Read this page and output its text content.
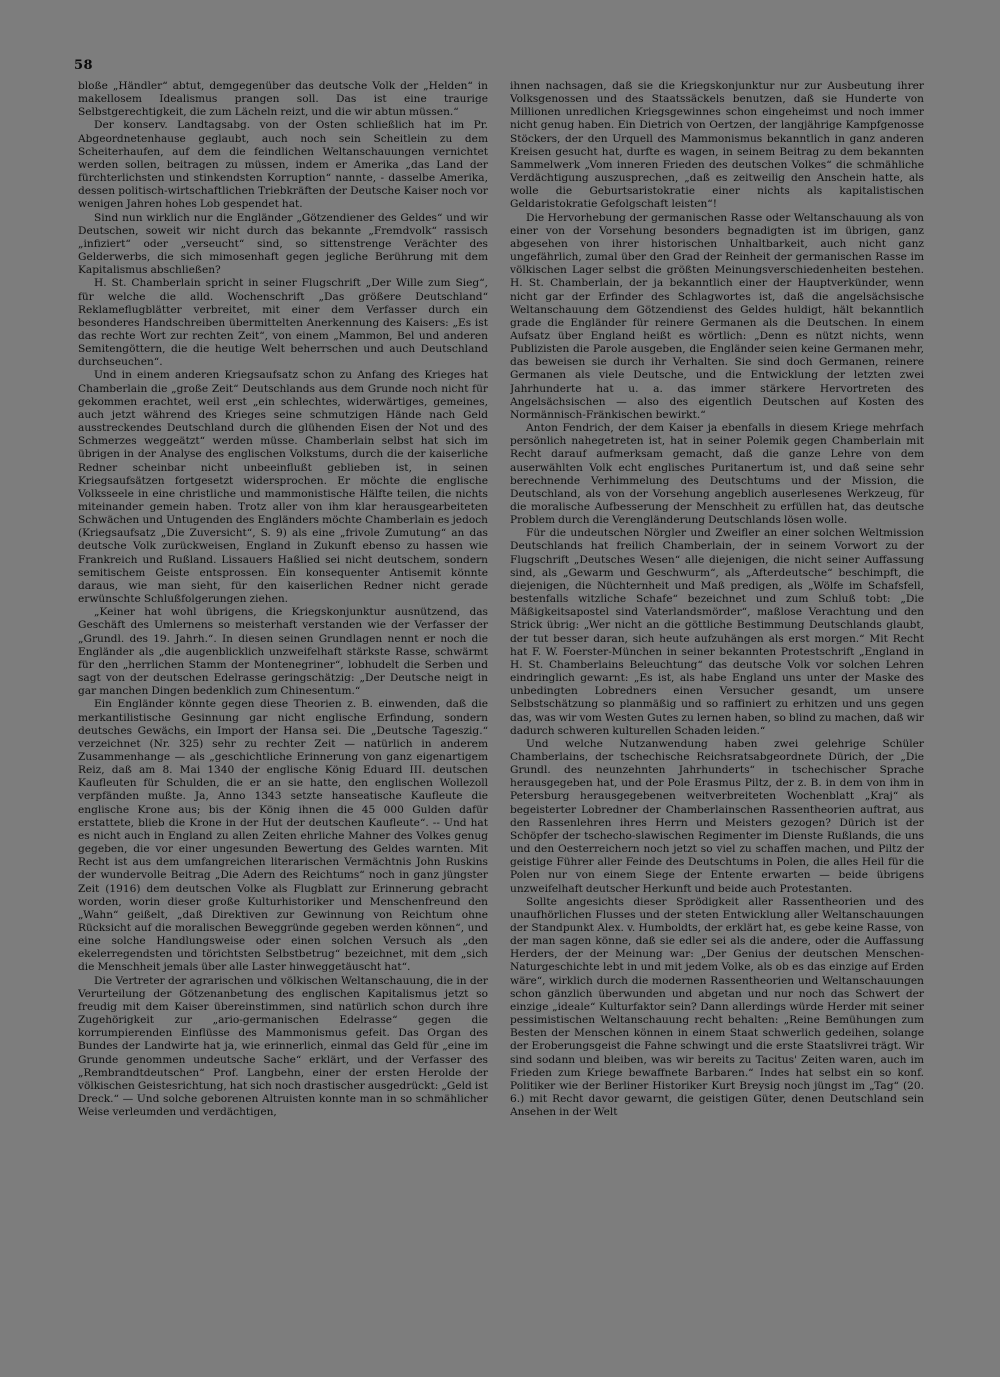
58

bloße „Händler“ abtut, demgegenüber das deutsche Volk der „Helden“ in makellosem Idealismus prangen soll. Das ist eine traurige Selbstgerechtigkeit, die zum Lächeln reizt, und die wir abtun müssen.“

Der konserv. Landtagsabg. von der Osten schließlich hat im Pr. Abgeordnetenhause geglaubt, auch noch sein Scheitlein zu dem Scheiterhaufen, auf dem die feindlichen Weltanschauungen vernichtet werden sollen, beitragen zu müssen, indem er Amerika „das Land der fürchterlichsten und stinkendsten Korruption“ nannte, - dasselbe Amerika, dessen politisch-wirtschaftlichen Triebkräften der Deutsche Kaiser noch vor wenigen Jahren hohes Lob gespendet hat.

Sind nun wirklich nur die Engländer „Götzendiener des Geldes“ und wir Deutschen, soweit wir nicht durch das bekannte „Fremdvolk“ rassisch „infiziert“ oder „verseucht“ sind, so sittenstrenge Verächter des Gelderwerbs, die sich mimosenhaft gegen jegliche Berührung mit dem Kapitalismus abschließen?

H. St. Chamberlain spricht in seiner Flugschrift „Der Wille zum Sieg“, für welche die alld. Wochenschrift „Das größere Deutschland“ Reklameflugblätter verbreitet, mit einer dem Verfasser durch ein besonderes Handschreiben übermittelten Anerkennung des Kaisers: „Es ist das rechte Wort zur rechten Zeit“, von einem „Mammon, Bel und anderen Semitengöttern, die die heutige Welt beherrschen und auch Deutschland durchseuchen“.

Und in einem anderen Kriegsaufsatz schon zu Anfang des Krieges hat Chamberlain die „große Zeit“ Deutschlands aus dem Grunde noch nicht für gekommen erachtet, weil erst „ein schlechtes, widerwärtiges, gemeines, auch jetzt während des Krieges seine schmutzigen Hände nach Geld ausstreckendes Deutschland durch die glühenden Eisen der Not und des Schmerzes weggeätzt“ werden müsse. Chamberlain selbst hat sich im übrigen in der Analyse des englischen Volkstums, durch die der kaiserliche Redner scheinbar nicht unbeeinflußt geblieben ist, in seinen Kriegsaufsätzen fortgesetzt widersprochen. Er möchte die englische Volksseele in eine christliche und mammonistische Hälfte teilen, die nichts miteinander gemein haben. Trotz aller von ihm klar herausgearbeiteten Schwächen und Untugenden des Engländers möchte Chamberlain es jedoch (Kriegsaufsatz „Die Zuversicht“, S. 9) als eine „frivole Zumutung“ an das deutsche Volk zurückweisen, England in Zukunft ebenso zu hassen wie Frankreich und Rußland. Lissauers Haßlied sei nicht deutschem, sondern semitischem Geiste entsprossen. Ein konsequenter Antisemit könnte daraus, wie man sieht, für den kaiserlichen Redner nicht gerade erwünschte Schlußfolgerungen ziehen.

„Keiner hat wohl übrigens, die Kriegskonjunktur ausnützend, das Geschäft des Umlernens so meisterhaft verstanden wie der Verfasser der „Grundl. des 19. Jahrh.“. In diesen seinen Grundlagen nennt er noch die Engländer als „die augenblicklich unzweifelhaft stärkste Rasse, schwärmt für den „herrlichen Stamm der Montenegriner“, lobhudelt die Serben und sagt von der deutschen Edelrasse geringschätzig: „Der Deutsche neigt in gar manchen Dingen bedenklich zum Chinesentum.“

Ein Engländer könnte gegen diese Theorien z. B. einwenden, daß die merkantilistische Gesinnung gar nicht englische Erfindung, sondern deutsches Gewächs, ein Import der Hansa sei. Die „Deutsche Tageszig.“ verzeichnet (Nr. 325) sehr zu rechter Zeit — natürlich in anderem Zusammenhange — als „geschichtliche Erinnerung von ganz eigenartigem Reiz, daß am 8. Mai 1340 der englische König Eduard III. deutschen Kaufleuten für Schulden, die er an sie hatte, den englischen Wollezoll verpfänden mußte. Ja, Anno 1343 setzte hanseatische Kaufleute die englische Krone aus; bis der König ihnen die 45 000 Gulden dafür erstattete, blieb die Krone in der Hut der deutschen Kaufleute“. -- Und hat es nicht auch in England zu allen Zeiten ehrliche Mahner des Volkes genug gegeben, die vor einer ungesunden Bewertung des Geldes warnten. Mit Recht ist aus dem umfangreichen literarischen Vermächtnis John Ruskins der wundervolle Beitrag „Die Adern des Reichtums“ noch in ganz jüngster Zeit (1916) dem deutschen Volke als Flugblatt zur Erinnerung gebracht worden, worin dieser große Kulturhistoriker und Menschenfreund den „Wahn“ geißelt, „daß Direktiven zur Gewinnung von Reichtum ohne Rücksicht auf die moralischen Beweggründe gegeben werden können“, und eine solche Handlungsweise oder einen solchen Versuch als „den ekelerregendsten und törichtsten Selbstbetrug“ bezeichnet, mit dem „sich die Menschheit jemals über alle Laster hinweggetäuscht hat“.

Die Vertreter der agrarischen und völkischen Weltanschauung, die in der Verurteilung der Götzenanbetung des englischen Kapitalismus jetzt so freudig mit dem Kaiser übereinstimmen, sind natürlich schon durch ihre Zugehörigkeit zur „ario-germanischen Edelrasse“ gegen die korrumpierenden Einflüsse des Mammonismus gefeit. Das Organ des Bundes der Landwirte hat ja, wie erinnerlich, einmal das Geld für „eine im Grunde genommen undeutsche Sache“ erklärt, und der Verfasser des „Rembrandtdeutschen“ Prof. Langbehn, einer der ersten Herolde der völkischen Geistesrichtung, hat sich noch drastischer ausgedrückt: „Geld ist Dreck.“ — Und solche geborenen Altruisten konnte man in so schmählicher Weise verleumden und verdächtigen,

ihnen nachsagen, daß sie die Kriegskonjunktur nur zur Ausbeutung ihrer Volksgenossen und des Staatssäckels benutzen, daß sie Hunderte von Millionen unredlichen Kriegsgewinnes schon eingeheimst und noch immer nicht genug haben. Ein Dietrich von Oertzen, der langjährige Kampfgenosse Stöckers, der den Urquell des Mammonismus bekanntlich in ganz anderen Kreisen gesucht hat, durfte es wagen, in seinem Beitrag zu dem bekannten Sammelwerk „Vom inneren Frieden des deutschen Volkes“ die schmähliche Verdächtigung auszusprechen, „daß es zeitweilig den Anschein hatte, als wolle die Geburtsaristokratie einer nichts als kapitalistischen Geldaristokratie Gefolgschaft leisten“!

Die Hervorhebung der germanischen Rasse oder Weltanschauung als von einer von der Vorsehung besonders begnadigten ist im übrigen, ganz abgesehen von ihrer historischen Unhaltbarkeit, auch nicht ganz ungefährlich, zumal über den Grad der Reinheit der germanischen Rasse im völkischen Lager selbst die größten Meinungsverschiedenheiten bestehen. H. St. Chamberlain, der ja bekanntlich einer der Hauptverkünder, wenn nicht gar der Erfinder des Schlagwortes ist, daß die angelsächsische Weltanschauung dem Götzendienst des Geldes huldigt, hält bekanntlich grade die Engländer für reinere Germanen als die Deutschen. In einem Aufsatz über England heißt es wörtlich: „Denn es nützt nichts, wenn Publizisten die Parole ausgeben, die Engländer seien keine Germanen mehr, das beweisen sie durch ihr Verhalten. Sie sind doch Germanen, reinere Germanen als viele Deutsche, und die Entwicklung der letzten zwei Jahrhunderte hat u. a. das immer stärkere Hervortreten des Angelsächsischen — also des eigentlich Deutschen auf Kosten des Normännisch-Fränkischen bewirkt.“

Anton Fendrich, der dem Kaiser ja ebenfalls in diesem Kriege mehrfach persönlich nahegetreten ist, hat in seiner Polemik gegen Chamberlain mit Recht darauf aufmerksam gemacht, daß die ganze Lehre von dem auserwählten Volk echt englisches Puritanertum ist, und daß seine sehr berechnende Verhimmelung des Deutschtums und der Mission, die Deutschland, als von der Vorsehung angeblich auserlesenes Werkzeug, für die moralische Aufbesserung der Menschheit zu erfüllen hat, das deutsche Problem durch die Verengländerung Deutschlands lösen wolle.

Für die undeutschen Nörgler und Zweifler an einer solchen Weltmission Deutschlands hat freilich Chamberlain, der in seinem Vorwort zu der Flugschrift „Deutsches Wesen“ alle diejenigen, die nicht seiner Auffassung sind, als „Gewarm und Geschwurm“, als „Afterdeutsche“ beschimpft, die diejenigen, die Nüchternheit und Maß predigen, als „Wölfe im Schafsfell, bestenfalls witzliche Schafe“ bezeichnet und zum Schluß tobt: „Die Mäßigkeitsapostel sind Vaterlandsmörder“, maßlose Verachtung und den Strick übrig: „Wer nicht an die göttliche Bestimmung Deutschlands glaubt, der tut besser daran, sich heute aufzuhängen als erst morgen.“ Mit Recht hat F. W. Foerster-München in seiner bekannten Protestschrift „England in H. St. Chamberlains Beleuchtung“ das deutsche Volk vor solchen Lehren eindringlich gewarnt: „Es ist, als habe England uns unter der Maske des unbedingten Lobredners einen Versucher gesandt, um unsere Selbstschätzung so planmäßig und so raffiniert zu erhitzen und uns gegen das, was wir vom Westen Gutes zu lernen haben, so blind zu machen, daß wir dadurch schweren kulturellen Schaden leiden.“

Und welche Nutzanwendung haben zwei gelehrige Schüler Chamberlains, der tschechische Reichsratsabgeordnete Dürich, der „Die Grundl. des neunzehnten Jahrhunderts“ in tschechischer Sprache herausgegeben hat, und der Pole Erasmus Piltz, der z. B. in dem von ihm in Petersburg herausgegebenen weitverbreiteten Wochenblatt „Kraj“ als begeisterter Lobredner der Chamberlainschen Rassentheorien auftrat, aus den Rassenlehren ihres Herrn und Meisters gezogen? Dürich ist der Schöpfer der tschecho-slawischen Regimenter im Dienste Rußlands, die uns und den Oesterreichern noch jetzt so viel zu schaffen machen, und Piltz der geistige Führer aller Feinde des Deutschtums in Polen, die alles Heil für die Polen nur von einem Siege der Entente erwarten — beide übrigens unzweifelhaft deutscher Herkunft und beide auch Protestanten.

Sollte angesichts dieser Sprödigkeit aller Rassentheorien und des unaufhörlichen Flusses und der steten Entwicklung aller Weltanschauungen der Standpunkt Alex. v. Humboldts, der erklärt hat, es gebe keine Rasse, von der man sagen könne, daß sie edler sei als die andere, oder die Auffassung Herders, der der Meinung war: „Der Genius der deutschen Menschen-Naturgeschichte lebt in und mit jedem Volke, als ob es das einzige auf Erden wäre“, wirklich durch die modernen Rassentheorien und Weltanschauungen schon gänzlich überwunden und abgetan und nur noch das Schwert der einzige „ideale“ Kulturfaktor sein? Dann allerdings würde Herder mit seiner pessimistischen Weltanschauung recht behalten: „Reine Bemühungen zum Besten der Menschen können in einem Staat schwerlich gedeihen, solange der Eroberungsgeist die Fahne schwingt und die erste Staatslivrei trägt. Wir sind sodann und bleiben, was wir bereits zu Tacitus' Zeiten waren, auch im Frieden zum Kriege bewaffnete Barbaren.“ Indes hat selbst ein so konf. Politiker wie der Berliner Historiker Kurt Breysig noch jüngst im „Tag“ (20. 6.) mit Recht davor gewarnt, die geistigen Güter, denen Deutschland sein Ansehen in der Welt
